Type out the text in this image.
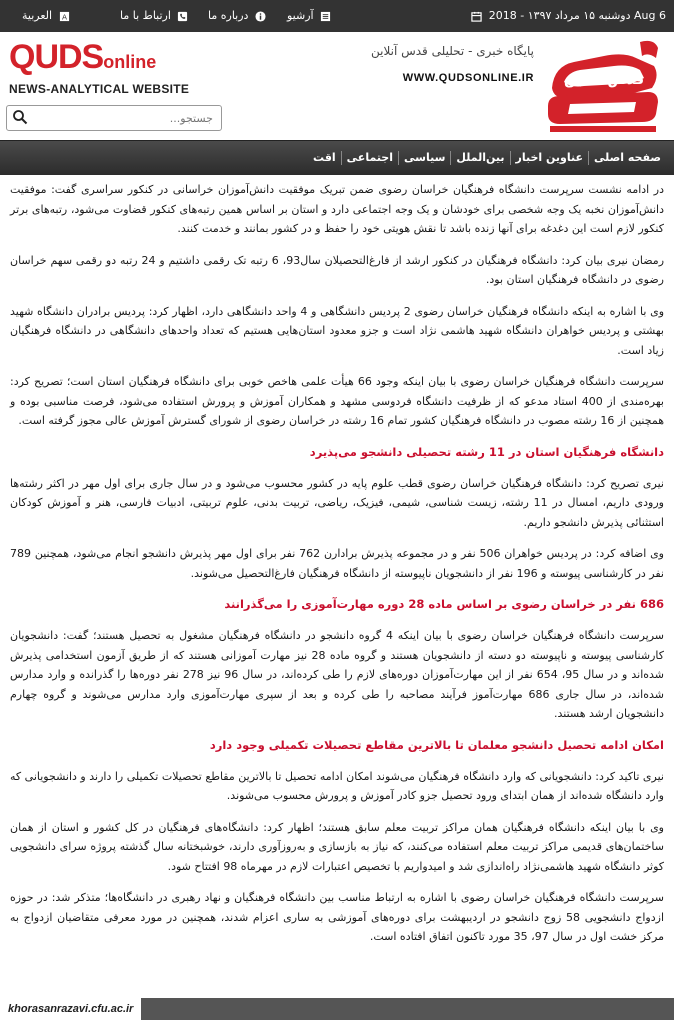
دوشنبه ۱۵ مرداد ۱۳۹۷ - 2018 Aug 6
آرشیو
درباره ما
ارتباط با ما
A
العربیة
QUDSonline
NEWS-ANALYTICAL WEBSITE
جستجو...
پایگاه خبری - تحلیلی قدس آنلاین
WWW.QUDSONLINE.IR قدس آنلاین
صفحه اصلی
عناوین اخبار
بین‌الملل
سیاسی
اجتماعی
اقت

در ادامه نشست سرپرست دانشگاه فرهنگیان خراسان رضوی ضمن تبریک موفقیت دانش‌آموزان خراسانی در کنکور سراسری گفت: موفقیت دانش‌آموزان نخبه یک وجه شخصی برای خودشان و یک وجه اجتماعی دارد و استان بر اساس همین رتبه‌های کنکور قضاوت می‌شود، رتبه‌های برتر کنکور لازم است این دغدغه برای آنها زنده باشد تا نقش هویتی خود را حفظ و در کشور بمانند و خدمت کنند.

رمضان نیری بیان کرد: دانشگاه فرهنگیان در کنکور ارشد از فارغ‌التحصیلان سال93، 6 رتبه تک رقمی داشتیم و 24 رتبه دو رقمی سهم خراسان رضوی در دانشگاه فرهنگیان استان بود.

وی با اشاره به اینکه دانشگاه فرهنگیان خراسان رضوی 2 پردیس دانشگاهی و 4 واحد دانشگاهی دارد، اظهار کرد: پردیس برادران دانشگاه شهید بهشتی و پردیس خواهران دانشگاه شهید هاشمی نژاد است و جزو معدود استان‌هایی هستیم که تعداد واحدهای دانشگاهی در دانشگاه فرهنگیان زیاد است.

سرپرست دانشگاه فرهنگیان خراسان رضوی با بیان اینکه وجود 66 هیأت علمی هاخص خوبی برای دانشگاه فرهنگیان استان است؛ تصریح کرد: بهره‌مندی از 400 استاد مدعو که از ظرفیت دانشگاه فردوسی مشهد و همکاران آموزش و پرورش استفاده می‌شود، فرصت مناسبی بوده و همچنین از 16 رشته مصوب در دانشگاه فرهنگیان کشور تمام 16 رشته در خراسان رضوی از شورای گسترش آموزش عالی مجوز گرفته است.

دانشگاه فرهنگیان استان در 11 رشته تحصیلی دانشجو می‌پذیرد

نیری تصریح کرد: دانشگاه فرهنگیان خراسان رضوی قطب علوم پایه در کشور محسوب می‌شود و در سال جاری برای اول مهر در اکثر رشته‌ها ورودی داریم، امسال در 11 رشته، زیست شناسی، شیمی، فیزیک، ریاضی، تربیت بدنی، علوم تربیتی، ادبیات فارسی، هنر و آموزش کودکان استثنائی پذیرش دانشجو داریم.

وی اضافه کرد: در پردیس خواهران 506 نفر و در مجموعه پذیرش برادارن 762 نفر برای اول مهر پذیرش دانشجو انجام می‌شود، همچنین 789 نفر در کارشناسی پیوسته و 196 نفر از دانشجویان ناپیوسته از دانشگاه فرهنگیان فارغ‌التحصیل می‌شوند.

686 نفر در خراسان رضوی بر اساس ماده 28 دوره مهارت‌آموزی را می‌گذرانند

سرپرست دانشگاه فرهنگیان خراسان رضوی با بیان اینکه 4 گروه دانشجو در دانشگاه فرهنگیان مشغول به تحصیل هستند؛ گفت: دانشجویان کارشناسی پیوسته و ناپیوسته دو دسته از دانشجویان هستند و گروه ماده 28 نیز مهارت آموزانی هستند که از طریق آزمون استخدامی پذیرش شده‌اند و در سال 95، 654 نفر از این مهارت‌آموزان دوره‌های لازم را طی کرده‌اند، در سال 96 نیز 278 نفر دوره‌ها را گذرانده و وارد مدارس شده‌اند، در سال جاری 686 مهارت‌آموز فرآیند مصاحبه را طی کرده و بعد از سپری مهارت‌آموزی وارد مدارس می‌شوند و گروه چهارم دانشجویان ارشد هستند.

امکان ادامه تحصیل دانشجو معلمان تا بالاترین مقاطع تحصیلات تکمیلی وجود دارد

نیری تاکید کرد: دانشجویانی که وارد دانشگاه فرهنگیان می‌شوند امکان ادامه تحصیل تا بالاترین مقاطع تحصیلات تکمیلی را دارند و دانشجویانی که وارد دانشگاه شده‌اند از همان ابتدای ورود تحصیل جزو کادر آموزش و پرورش محسوب می‌شوند.

وی با بیان اینکه دانشگاه فرهنگیان همان مراکز تربیت معلم سابق هستند؛ اظهار کرد: دانشگاه‌های فرهنگیان در کل کشور و استان از همان ساختمان‌های قدیمی مراکز تربیت معلم استفاده می‌کنند، که نیاز به بازسازی و به‌روزآوری دارند، خوشبختانه سال گذشته پروژه سرای دانشجویی کوثر دانشگاه شهید هاشمی‌نژاد راه‌اندازی شد و امیدواریم با تخصیص اعتبارات لازم در مهرماه 98 افتتاح شود.

سرپرست دانشگاه فرهنگیان خراسان رضوی با اشاره به ارتباط مناسب بین دانشگاه فرهنگیان و نهاد رهبری در دانشگاه‌ها؛ متذکر شد: در حوزه ازدواج دانشجویی 58 زوج دانشجو در اردیبهشت برای دوره‌های آموزشی به ساری اعزام شدند، همچنین در مورد معرفی متقاضیان ازدواج به مرکز خشت اول در سال 97، 35 مورد تاکنون اتفاق افتاده است.

khorasanrazavi.cfu.ac.ir
